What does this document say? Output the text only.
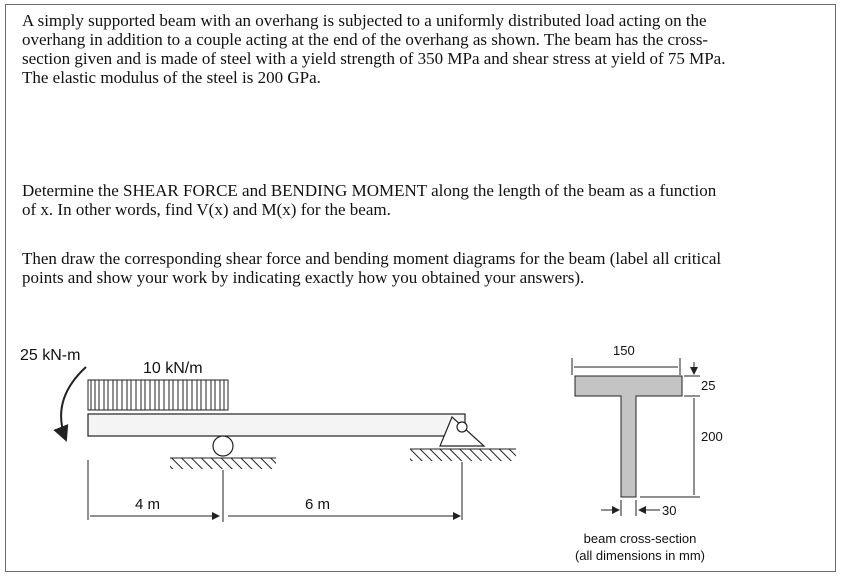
A simply supported beam with an overhang is subjected to a uniformly distributed load acting on the overhang in addition to a couple acting at the end of the overhang as shown. The beam has the cross-section given and is made of steel with a yield strength of 350 MPa and shear stress at yield of 75 MPa. The elastic modulus of the steel is 200 GPa.

Determine the SHEAR FORCE and BENDING MOMENT along the length of the beam as a function of x. In other words, find V(x) and M(x) for the beam.

Then draw the corresponding shear force and bending moment diagrams for the beam (label all critical points and show your work by indicating exactly how you obtained your answers).

25 kN-m
10 kN/m
4 m	6 m
150
25
200
30
beam cross-section
(all dimensions in mm)
